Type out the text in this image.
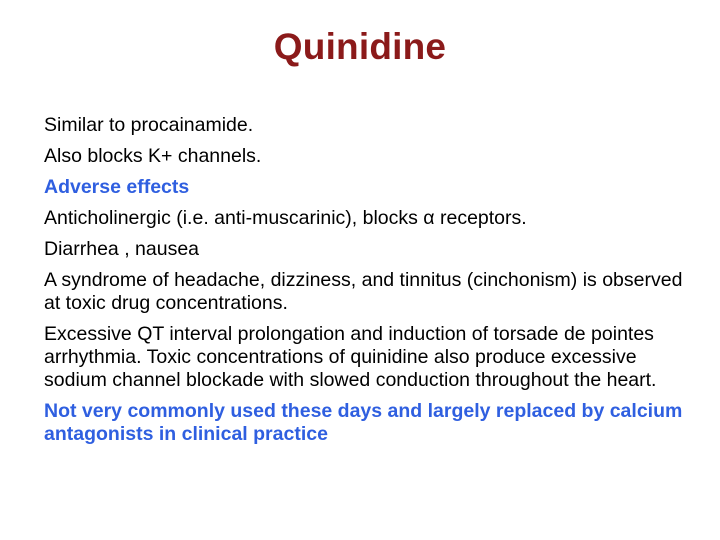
Quinidine
Similar to procainamide.
Also blocks K+ channels.
Adverse effects
Anticholinergic (i.e. anti-muscarinic), blocks α receptors.
Diarrhea , nausea
A syndrome of headache, dizziness, and tinnitus (cinchonism) is observed at toxic drug concentrations.
Excessive QT interval prolongation and induction of torsade de pointes arrhythmia. Toxic concentrations of quinidine also produce excessive sodium channel blockade with slowed conduction throughout the heart.
Not very commonly used these days and largely replaced by calcium antagonists in clinical practice
